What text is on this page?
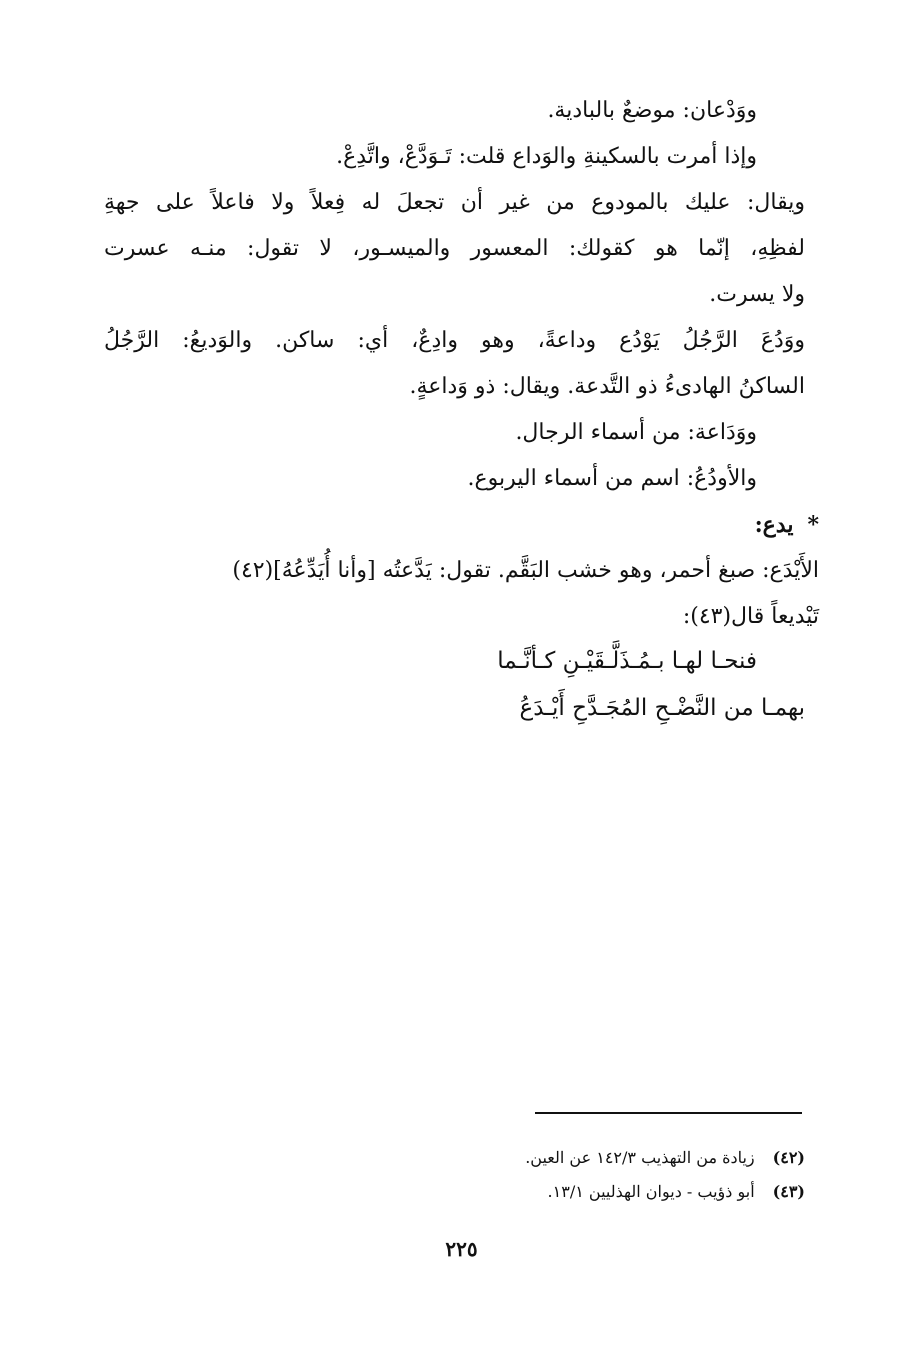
ووَدْعان: موضعٌ بالبادية.
وإذا أمرت بالسكينةِ والوَداع قلت: تَـوَدَّعْ، واتَّدِعْ.
ويقال: عليك بالمودوع من غير أن تجعلَ له فِعلاً ولا فاعلاً على جهةِ
لفظِهِ، إنّما هو كقولك: المعسور والميسـور، لا تقول: منـه عسرت
ولا يسرت.
ووَدُعَ الرَّجُلُ يَوْدُع وداعةً، وهو وادِعٌ، أي: ساكن. والوَديعُ: الرَّجُلُ
الساكنُ الهادىءُ ذو التَّدعة. ويقال: ذو وَداعةٍ.
ووَدَاعة: من أسماء الرجال.
والأودُعُ: اسم من أسماء اليربوع.
*يدع:
الأَيْدَع: صبغ أحمر، وهو خشب البَقَّم. تقول: يَدَّعتُه [وأنا أُيَدِّعُهُ](٤٢)
تَيْديعاً قال(٤٣):
فنحـا لهـا بـمُـذَلَّـقَيْـنِ كـأنَّـما
بهمـا من النَّضْـحِ المُجَـدَّحِ أَيْـدَعُ
(٤٢)زيادة من التهذيب ١٤٢/٣ عن العين.
(٤٣)أبو ذؤيب - ديوان الهذليين ١٣/١.
٢٢٥
